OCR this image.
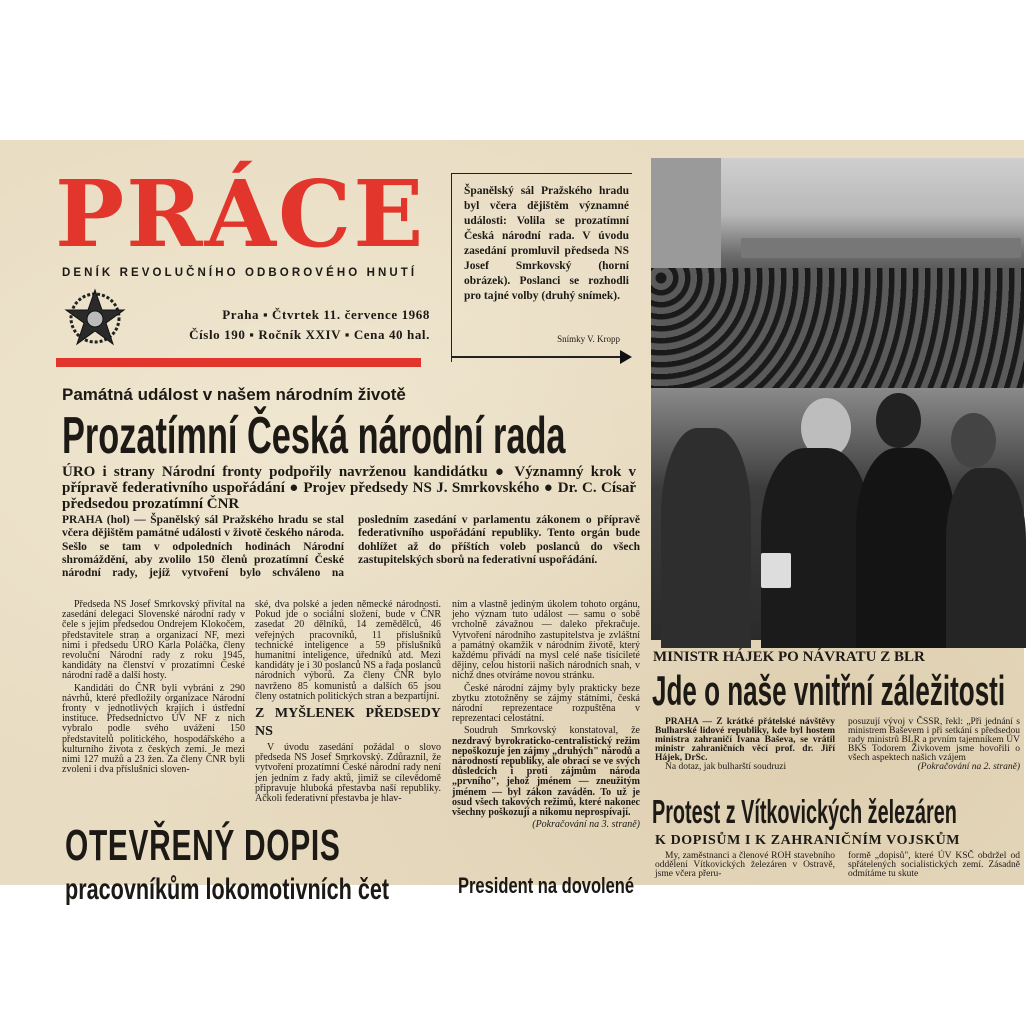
PRÁCE
DENÍK REVOLUČNÍHO ODBOROVÉHO HNUTÍ
Praha ▪ Čtvrtek 11. července 1968
Číslo 190 ▪ Ročník XXIV ▪ Cena 40 hal.
Španělský sál Pražského hradu byl včera dějištěm významné události: Volila se prozatímní Česká národní rada. V úvodu zasedání promluvil předseda NS Josef Smrkovský (horní obrázek). Poslanci se rozhodli pro tajné volby (druhý snímek).
Snímky V. Kropp
Památná událost v našem národním životě
Prozatímní Česká národní rada
ÚRO i strany Národní fronty podpořily navrženou kandidátku ● Významný krok v přípravě federativního uspořádání ● Projev předsedy NS J. Smrkovského ● Dr. C. Císař předsedou prozatímní ČNR
PRAHA (hol) — Španělský sál Pražského hradu se stal včera dějištěm památné události v životě českého národa. Sešlo se tam v odpoledních hodinách Národní shromáždění, aby zvolilo 150 členů prozatímní České národní rady, jejíž vytvoření bylo schváleno na posledním zasedání v parlamentu zákonem o přípravě federativního uspořádání republiky. Tento orgán bude dohlížet až do příštích voleb poslanců do všech zastupitelských sborů na federativní uspořádání.

Předseda NS Josef Smrkovský přivítal na zasedání delegaci Slovenské národní rady v čele s jejím předsedou Ondrejem Klokočem, představitele stran a organizací NF, mezi nimi i předsedu ÚRO Karla Poláčka, členy revoluční Národní rady z roku 1945, kandidáty na členství v prozatímní České národní radě a další hosty.

Kandidáti do ČNR byli vybráni z 290 návrhů, které předložily organizace Národní fronty v jednotlivých krajích i ústřední instituce. Předsednictvo ÚV NF z nich vybralo podle svého uvážení 150 představitelů politického, hospodářského a kulturního života z českých zemí. Je mezi nimi 127 mužů a 23 žen. Za členy ČNR byli zvoleni i dva příslušníci sloven-

ské, dva polské a jeden německé národnosti. Pokud jde o sociální složení, bude v ČNR zasedat 20 dělníků, 14 zemědělců, 46 veřejných pracovníků, 11 příslušníků technické inteligence a 59 příslušníků humanitní inteligence, úředníků atd. Mezi kandidáty je i 30 poslanců NS a řada poslanců národních výborů. Za členy ČNR bylo navrženo 85 komunistů a dalších 65 jsou členy ostatních politických stran a bezpartijní.

Z MYŠLENEK PŘEDSEDY NS

V úvodu zasedání požádal o slovo předseda NS Josef Smrkovský. Zdůraznil, že vytvoření prozatímní České národní rady není jen jedním z řady aktů, jimiž se cílevědomě připravuje hluboká přestavba naší republiky. Ačkoli federativní přestavba je hlav-

ním a vlastně jediným úkolem tohoto orgánu, jeho význam tuto událost — samu o sobě vrcholně závažnou — daleko překračuje. Vytvoření národního zastupitelstva je zvláštní a památný okamžik v národním životě, který každému přivádí na mysl celé naše tisícileté dějiny, celou historii našich národních snah, v nichž dnes otvíráme novou stránku.

České národní zájmy byly prakticky beze zbytku ztotožněny se zájmy státními, česká národní reprezentace rozpuštěna v reprezentaci celostátní.

Soudruh Smrkovský konstatoval, že nezdravý byrokraticko-centralistický režim nepoškozuje jen zájmy „druhých" národů a národností republiky, ale obrací se ve svých důsledcích i proti zájmům národa „prvního", jehož jménem — zneužitým jménem — byl zákon zaváděn. To už je osud všech takových režimů, které nakonec všechny poškozují a nikomu neprospívají.

(Pokračování na 3. straně)

OTEVŘENÝ DOPIS
pracovníkům lokomotivních čet	President na dovolené
MINISTR HÁJEK PO NÁVRATU Z BLR
Jde o naše vnitřní záležitosti

PRAHA — Z krátké přátelské návštěvy Bulharské lidové republiky, kde byl hostem ministra zahraničí Ivana Baševa, se vrátil ministr zahraničních věcí prof. dr. Jiří Hájek, DrSc.

Na dotaz, jak bulharští soudruzi

posuzují vývoj v ČSSR, řekl: „Při jednání s ministrem Baševem i při setkání s předsedou rady ministrů BLR a prvním tajemníkem ÚV BKS Todorem Živkovem jsme hovořili o všech aspektech našich vzájem

(Pokračování na 2. straně)

Protest z Vítkovických železáren
K DOPISŮM I K ZAHRANIČNÍM VOJSKŮM

My, zaměstnanci a členové ROH stavebního oddělení Vítkovických železáren v Ostravě, jsme včera přeru-

formě „dopisů", které ÚV KSČ obdržel od spřátelených socialistických zemí. Zásadně odmítáme tu skute
